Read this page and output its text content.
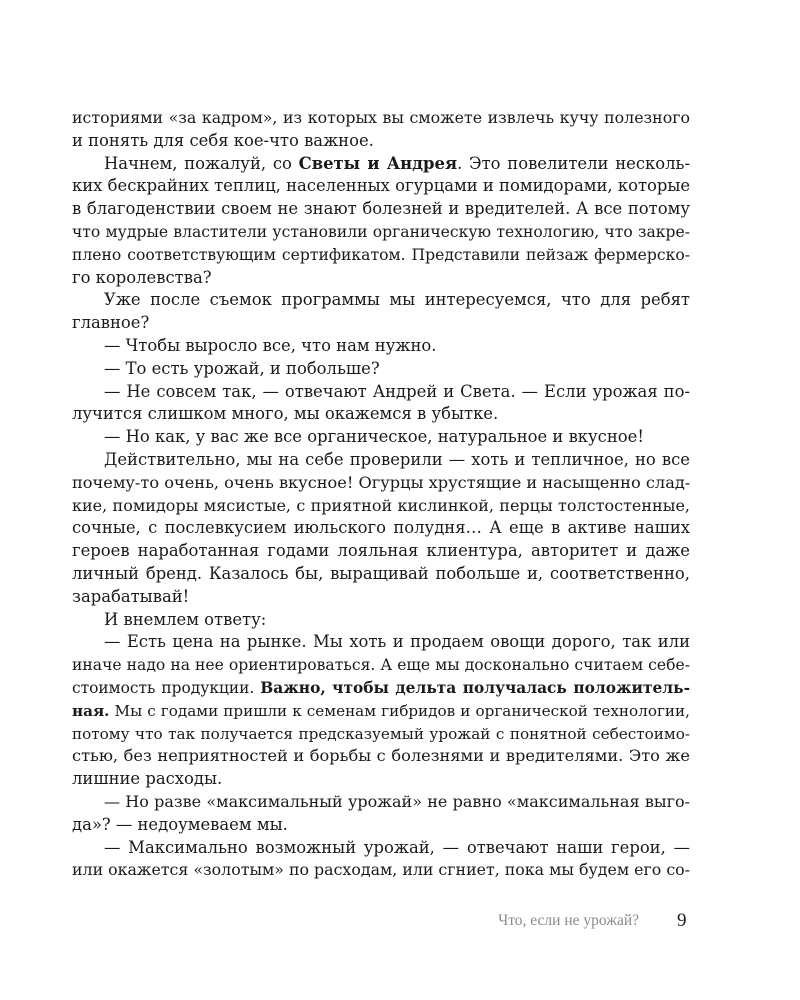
историями «за кадром», из которых вы сможете извлечь кучу полезного
и понять для себя кое-что важное.
Начнем, пожалуй, со Светы и Андрея. Это повелители несколь-
ких бескрайних теплиц, населенных огурцами и помидорами, которые
в благоденствии своем не знают болезней и вредителей. А все потому
что мудрые властители установили органическую технологию, что закре-
плено соответствующим сертификатом. Представили пейзаж фермерско-
го королевства?
Уже после съемок программы мы интересуемся, что для ребят
главное?
— Чтобы выросло все, что нам нужно.
— То есть урожай, и побольше?
— Не совсем так, — отвечают Андрей и Света. — Если урожая по-
лучится слишком много, мы окажемся в убытке.
— Но как, у вас же все органическое, натуральное и вкусное!
Действительно, мы на себе проверили — хоть и тепличное, но все
почему-то очень, очень вкусное! Огурцы хрустящие и насыщенно слад-
кие, помидоры мясистые, с приятной кислинкой, перцы толстостенные,
сочные, с послевкусием июльского полудня… А еще в активе наших
героев наработанная годами лояльная клиентура, авторитет и даже
личный бренд. Казалось бы, выращивай побольше и, соответственно,
зарабатывай!
И внемлем ответу:
— Есть цена на рынке. Мы хоть и продаем овощи дорого, так или
иначе надо на нее ориентироваться. А еще мы досконально считаем себе-
стоимость продукции. Важно, чтобы дельта получалась положитель-
ная. Мы с годами пришли к семенам гибридов и органической технологии,
потому что так получается предсказуемый урожай с понятной себестоимо-
стью, без неприятностей и борьбы с болезнями и вредителями. Это же
лишние расходы.
— Но разве «максимальный урожай» не равно «максимальная выго-
да»? — недоумеваем мы.
— Максимально возможный урожай, — отвечают наши герои, —
или окажется «золотым» по расходам, или сгниет, пока мы будем его со-
Что, если не урожай? 9
